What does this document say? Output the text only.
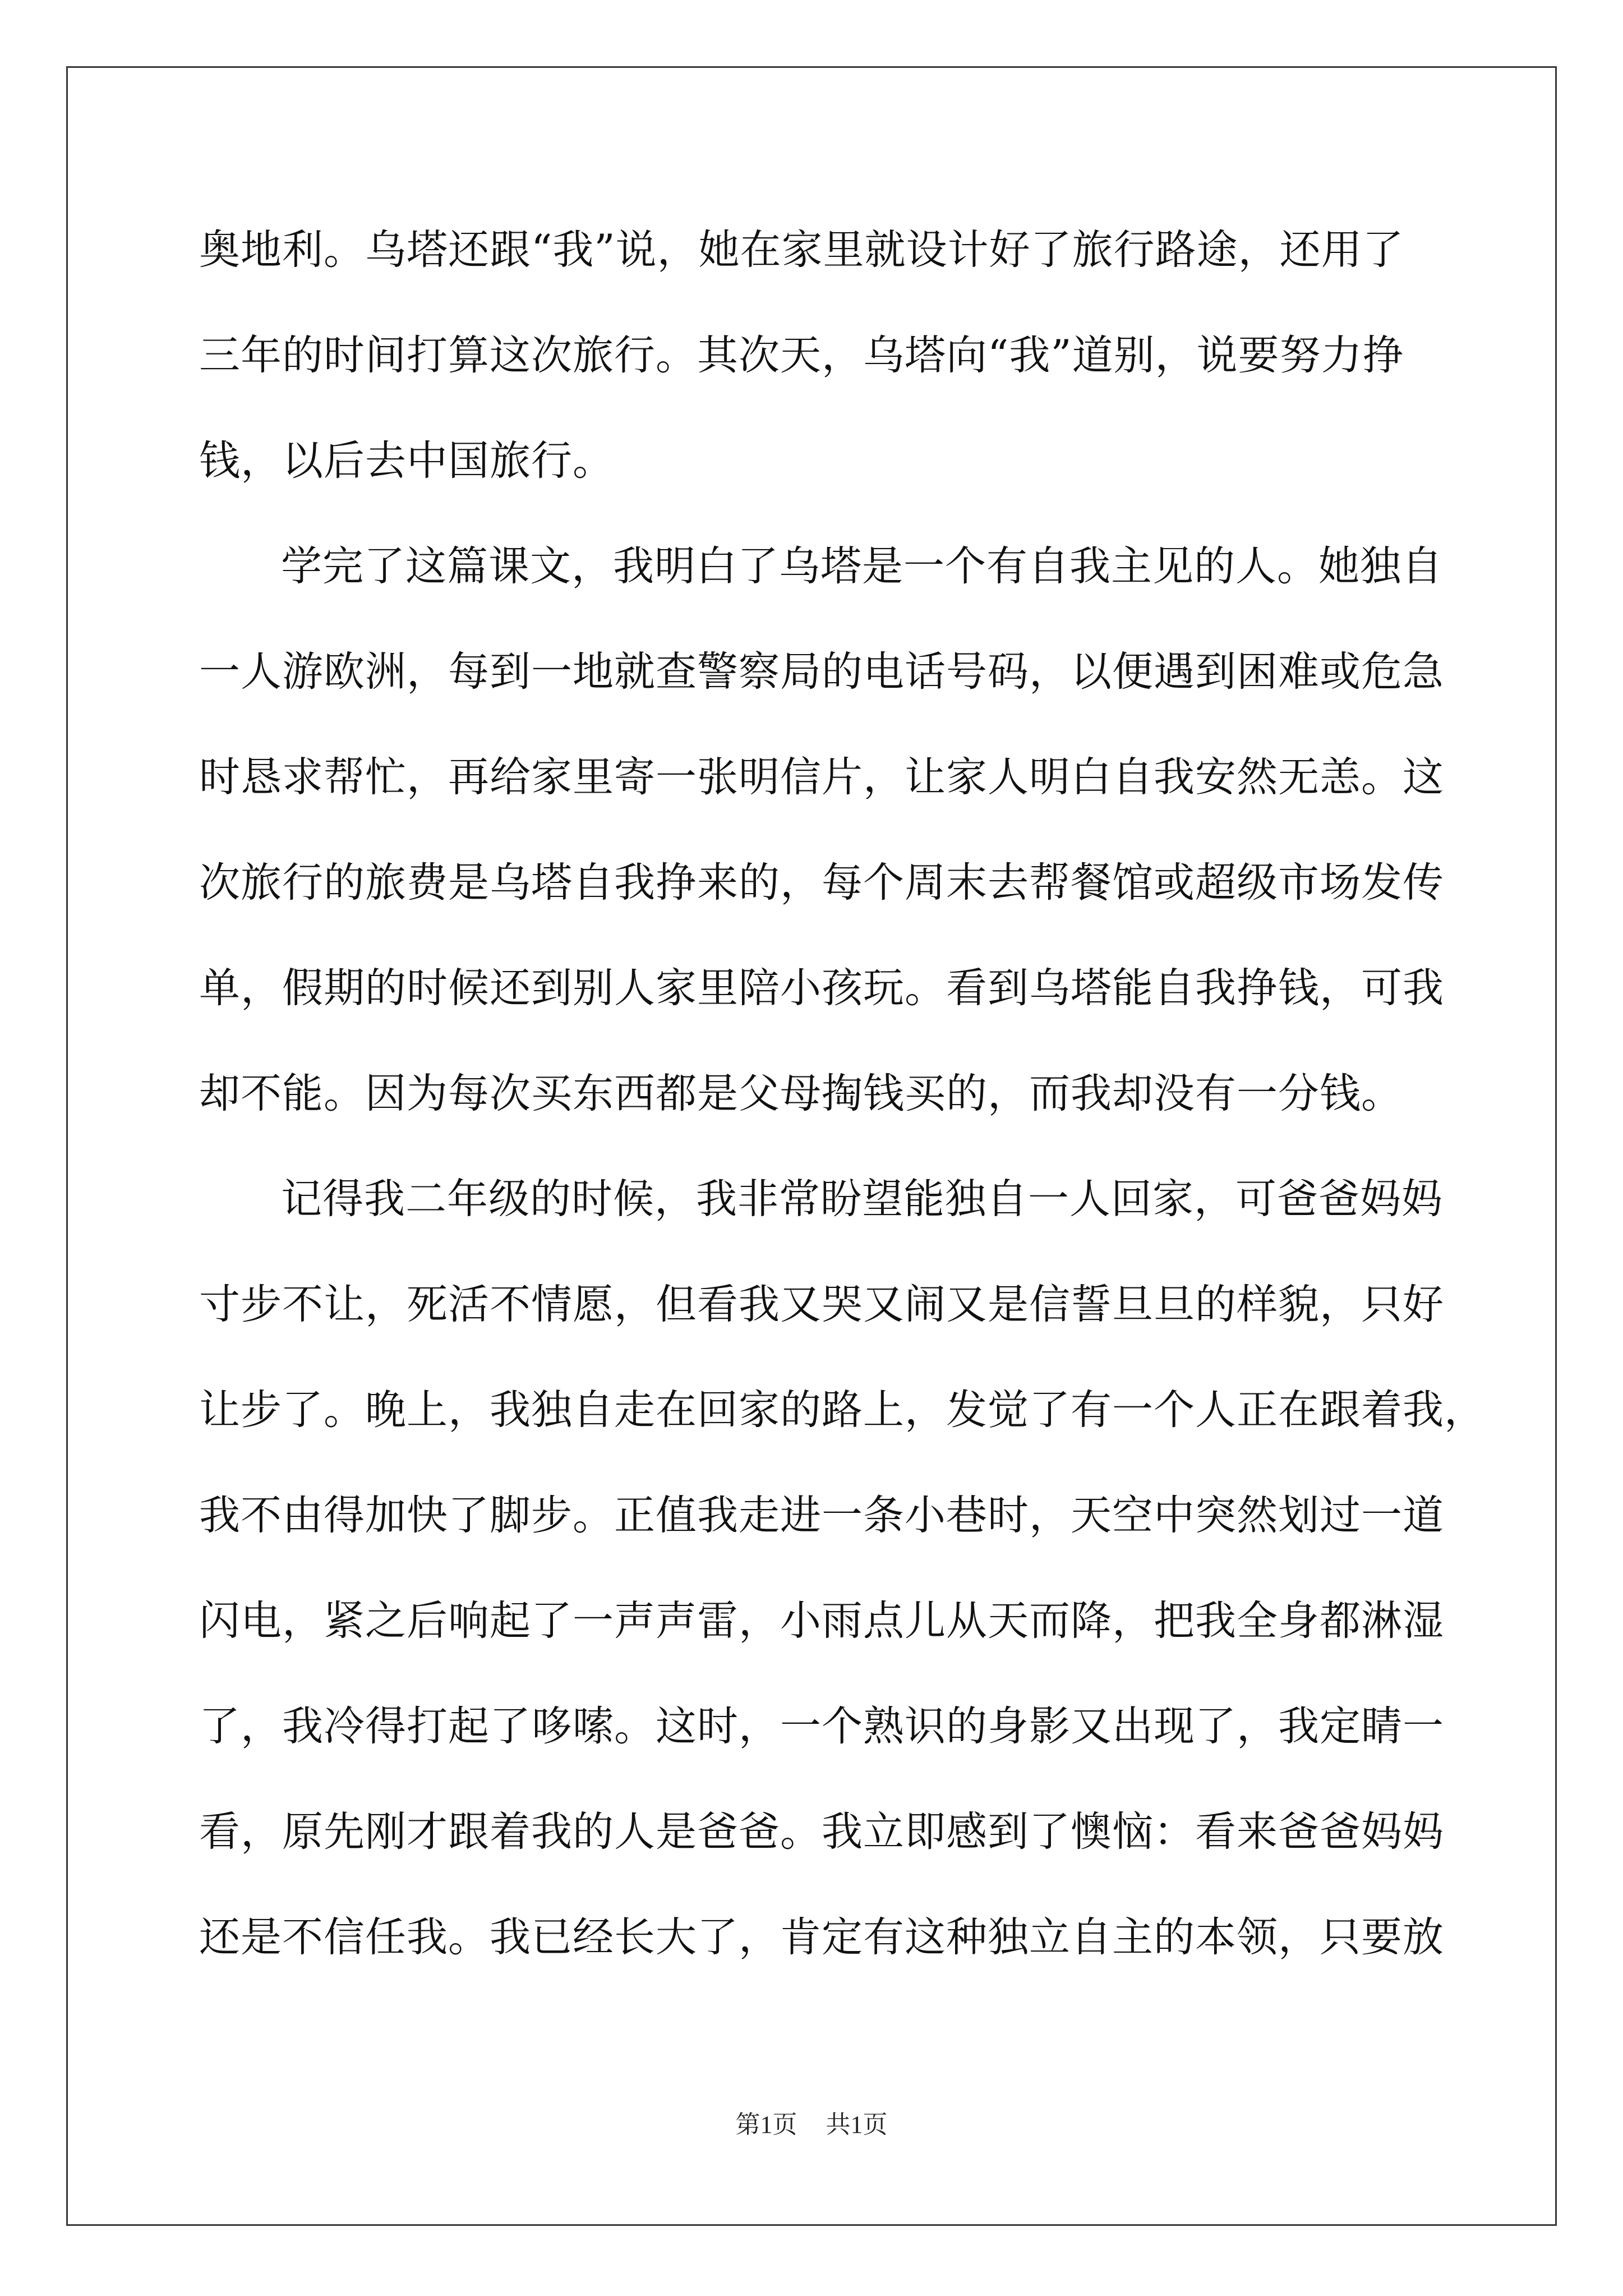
奥地利。乌塔还跟“我”说，她在家里就设计好了旅行路途，还用了
三年的时间打算这次旅行。其次天，乌塔向“我”道别，说要努力挣
钱，以后去中国旅行。
学完了这篇课文，我明白了乌塔是一个有自我主见的人。她独自
一人游欧洲，每到一地就查警察局的电话号码，以便遇到困难或危急
时恳求帮忙，再给家里寄一张明信片，让家人明白自我安然无恙。这
次旅行的旅费是乌塔自我挣来的，每个周末去帮餐馆或超级市场发传
单，假期的时候还到别人家里陪小孩玩。看到乌塔能自我挣钱，可我
却不能。因为每次买东西都是父母掏钱买的，而我却没有一分钱。
记得我二年级的时候，我非常盼望能独自一人回家，可爸爸妈妈
寸步不让，死活不情愿，但看我又哭又闹又是信誓旦旦的样貌，只好
让步了。晚上，我独自走在回家的路上，发觉了有一个人正在跟着我，
我不由得加快了脚步。正值我走进一条小巷时，天空中突然划过一道
闪电，紧之后响起了一声声雷，小雨点儿从天而降，把我全身都淋湿
了，我冷得打起了哆嗦。这时，一个熟识的身影又出现了，我定睛一
看，原先刚才跟着我的人是爸爸。我立即感到了懊恼：看来爸爸妈妈
还是不信任我。我已经长大了，肯定有这种独立自主的本领，只要放
第1页 共1页
